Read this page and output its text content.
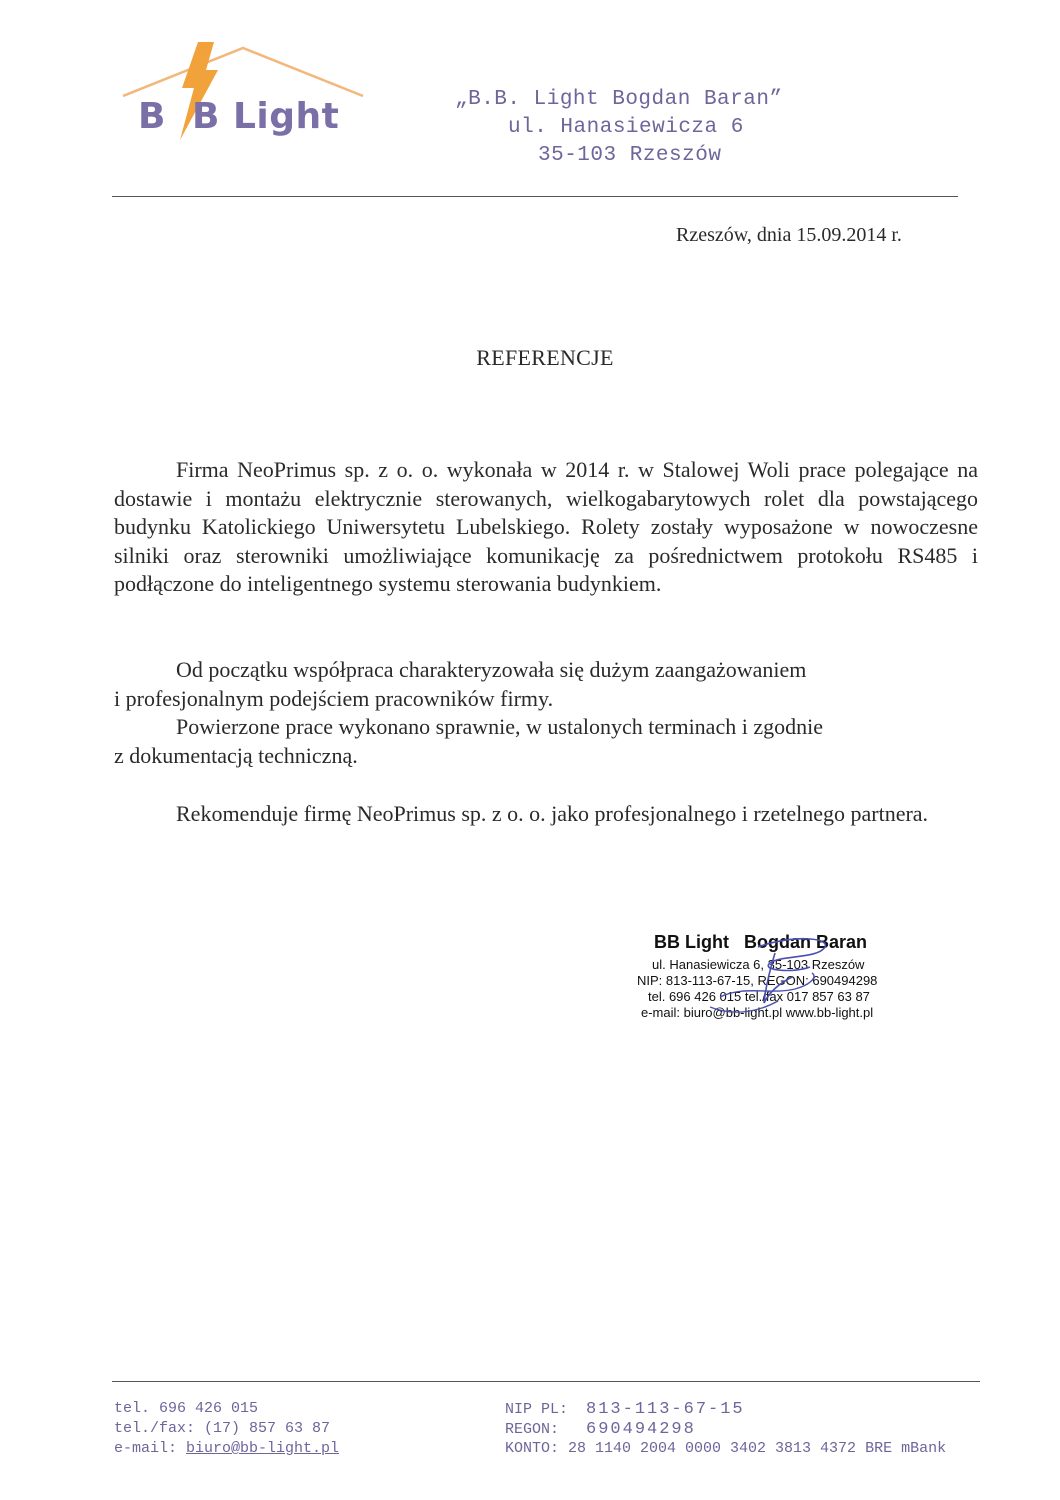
B  B Light	„B.B. Light Bogdan Baran”
ul. Hanasiewicza 6
35-103 Rzeszów
Rzeszów, dnia 15.09.2014 r.
REFERENCJE
Firma NeoPrimus sp. z o. o. wykonała w 2014 r. w Stalowej Woli prace polegające na dostawie i montażu elektrycznie sterowanych, wielkogabarytowych rolet dla powstającego budynku Katolickiego Uniwersytetu Lubelskiego. Rolety zostały wyposażone w nowoczesne silniki oraz sterowniki umożliwiające komunikację za pośrednictwem protokołu RS485 i podłączone do inteligentnego systemu sterowania budynkiem.
Od początku współpraca charakteryzowała się dużym zaangażowaniem
i profesjonalnym podejściem pracowników firmy.
Powierzone prace wykonano sprawnie, w ustalonych terminach i zgodnie
z dokumentacją techniczną.
Rekomenduje firmę NeoPrimus sp. z o. o. jako profesjonalnego i rzetelnego partnera.
BB Light   Bogdan Baran
ul. Hanasiewicza 6, 35-103 Rzeszów
NIP: 813-113-67-15, REGON: 690494298
tel. 696 426 015 tel./fax 017 857 63 87
e-mail: biuro@bb-light.pl www.bb-light.pl
tel. 696 426 015
tel./fax: (17) 857 63 87
e-mail: biuro@bb-light.pl
NIP PL:  813-113-67-15
REGON:   690494298
KONTO: 28 1140 2004 0000 3402 3813 4372 BRE mBank
